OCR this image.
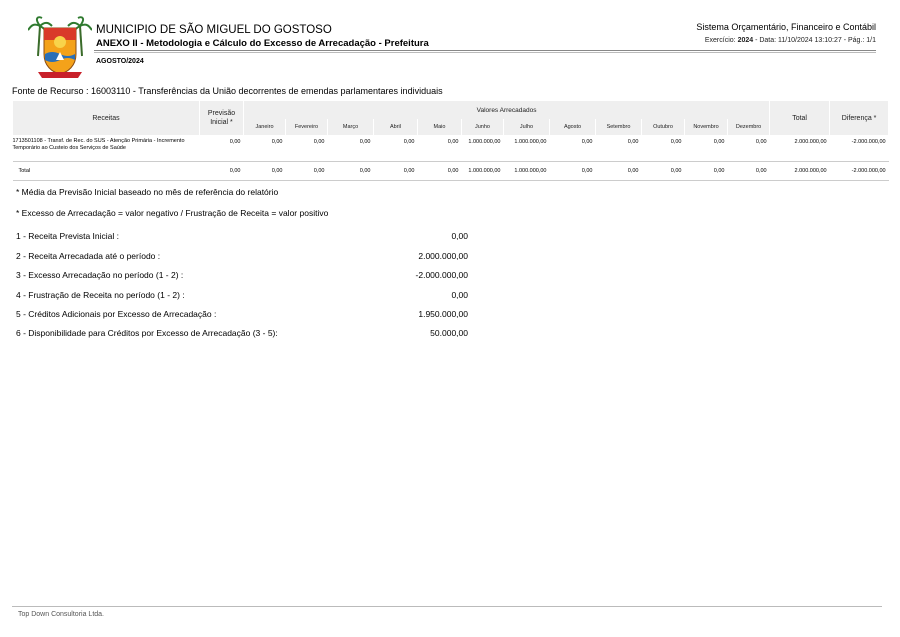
MUNICIPIO DE SÃO MIGUEL DO GOSTOSO
ANEXO II - Metodologia e Cálculo do Excesso de Arrecadação - Prefeitura
AGOSTO/2024
Sistema Orçamentário, Financeiro e Contábil
Exercício: 2024 - Data: 11/10/2024 13:10:27 - Pág.: 1/1
Fonte de Recurso : 16003110 - Transferências da União decorrentes de emendas parlamentares individuais
Receitas	Previsão Inicial *	Valores Arrecadados												Total	Diferença *
		Janeiro	Fevereiro	Março	Abril	Maio	Junho	Julho	Agosto	Setembro	Outubro	Novembro	Dezembro		
1713501108 - Transf. de Rec. do SUS - Atenção Primária - Incremento Temporário ao Custeio dos Serviços de Saúde	0,00	0,00	0,00	0,00	0,00	0,00	1.000.000,00	1.000.000,00	0,00	0,00	0,00	0,00	0,00	2.000.000,00	-2.000.000,00
Total	0,00	0,00	0,00	0,00	0,00	0,00	1.000.000,00	1.000.000,00	0,00	0,00	0,00	0,00	0,00	2.000.000,00	-2.000.000,00
* Média da Previsão Inicial baseado no mês de referência do relatório
* Excesso de Arrecadação = valor negativo / Frustração de Receita = valor positivo
1 - Receita Prevista Inicial :	0,00
2 - Receita Arrecadada até o período :	2.000.000,00
3 - Excesso Arrecadação no período (1 - 2) :	-2.000.000,00
4 - Frustração de Receita no período (1 - 2) :	0,00
5 - Créditos Adicionais por Excesso de Arrecadação :	1.950.000,00
6 - Disponibilidade para Créditos por Excesso de Arrecadação (3 - 5):	50.000,00
Top Down Consultoria Ltda.
